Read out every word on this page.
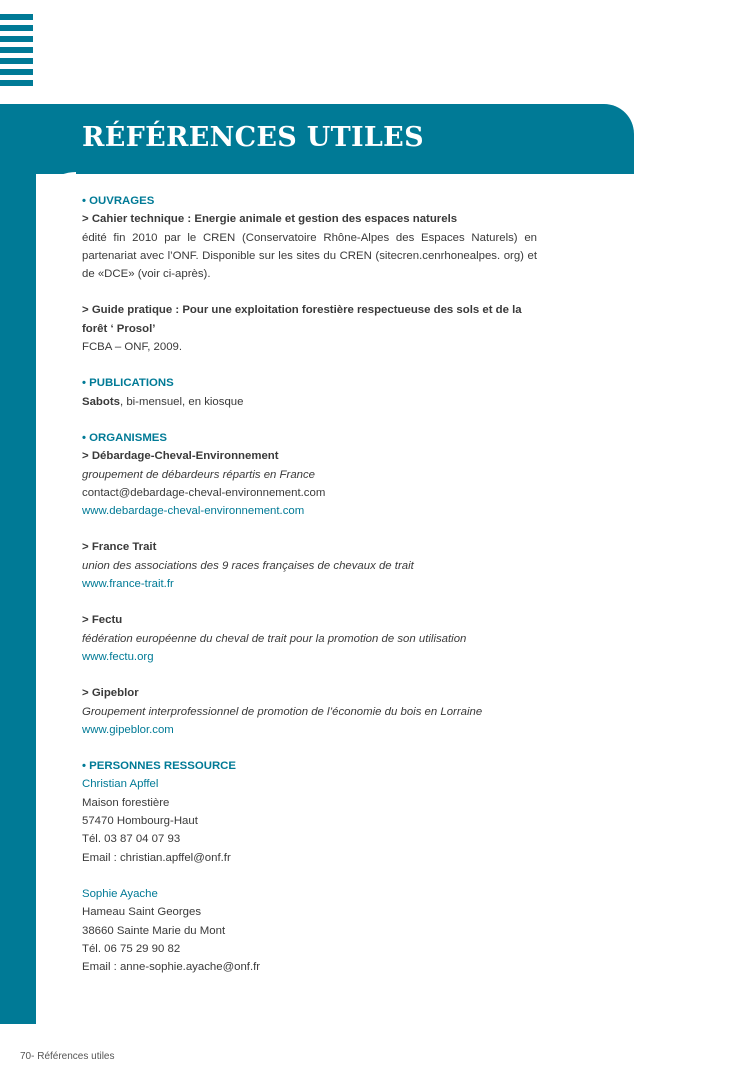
RÉFÉRENCES UTILES

• OUVRAGES

> Cahier technique : Energie animale et gestion des espaces naturels

édité fin 2010 par le CREN (Conservatoire Rhône-Alpes des Espaces Naturels) en partenariat avec l’ONF. Disponible sur les sites du CREN (sitecren.cenrhonealpes. org) et de «DCE» (voir ci-après).

> Guide pratique : Pour une exploitation forestière respectueuse des sols et de la forêt ‘ Prosol’

FCBA – ONF, 2009.

• PUBLICATIONS

Sabots, bi-mensuel, en kiosque

• ORGANISMES

> Débardage-Cheval-Environnement

groupement de débardeurs répartis en France

contact@debardage-cheval-environnement.com

www.debardage-cheval-environnement.com

> France Trait

union des associations des 9 races françaises de chevaux de trait

www.france-trait.fr

> Fectu

fédération européenne du cheval de trait pour la promotion de son utilisation

www.fectu.org

> Gipeblor

Groupement interprofessionnel de promotion de l’économie du bois en Lorraine

www.gipeblor.com

• PERSONNES RESSOURCE

Christian Apffel

Maison forestière

57470 Hombourg-Haut

Tél. 03 87 04 07 93

Email : christian.apffel@onf.fr

Sophie Ayache

Hameau Saint Georges

38660 Sainte Marie du Mont

Tél. 06 75 29 90 82

Email : anne-sophie.ayache@onf.fr

70- Références utiles
